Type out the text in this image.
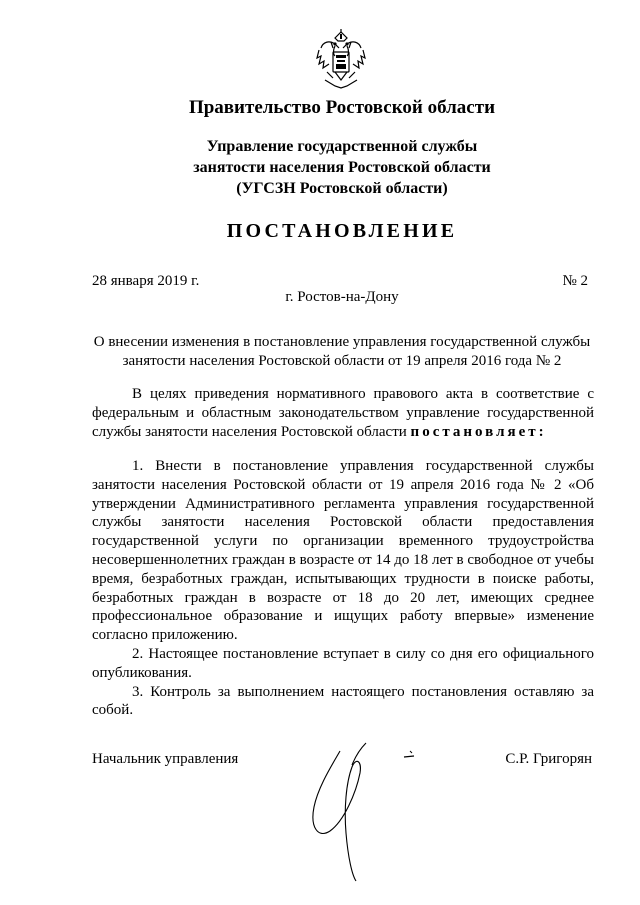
Правительство Ростовской области
Управление государственной службы
занятости населения Ростовской области
(УГСЗН Ростовской области)
ПОСТАНОВЛЕНИЕ
28 января 2019 г.	№ 2
г. Ростов-на-Дону
О внесении изменения в постановление управления государственной службы занятости населения Ростовской области от 19 апреля 2016 года № 2

В целях приведения нормативного правового акта в соответствие с федеральным и областным законодательством управление государственной службы занятости населения Ростовской области постановляет:

1. Внести в постановление управления государственной службы занятости населения Ростовской области от 19 апреля 2016 года № 2 «Об утверждении Административного регламента управления государственной службы занятости населения Ростовской области предоставления государственной услуги по организации временного трудоустройства несовершеннолетних граждан в возрасте от 14 до 18 лет в свободное от учебы время, безработных граждан, испытывающих трудности в поиске работы, безработных граждан в возрасте от 18 до 20 лет, имеющих среднее профессиональное образование и ищущих работу впервые» изменение согласно приложению.

2. Настоящее постановление вступает в силу со дня его официального опубликования.

3. Контроль за выполнением настоящего постановления оставляю за собой.

Начальник управления	С.Р. Григорян
